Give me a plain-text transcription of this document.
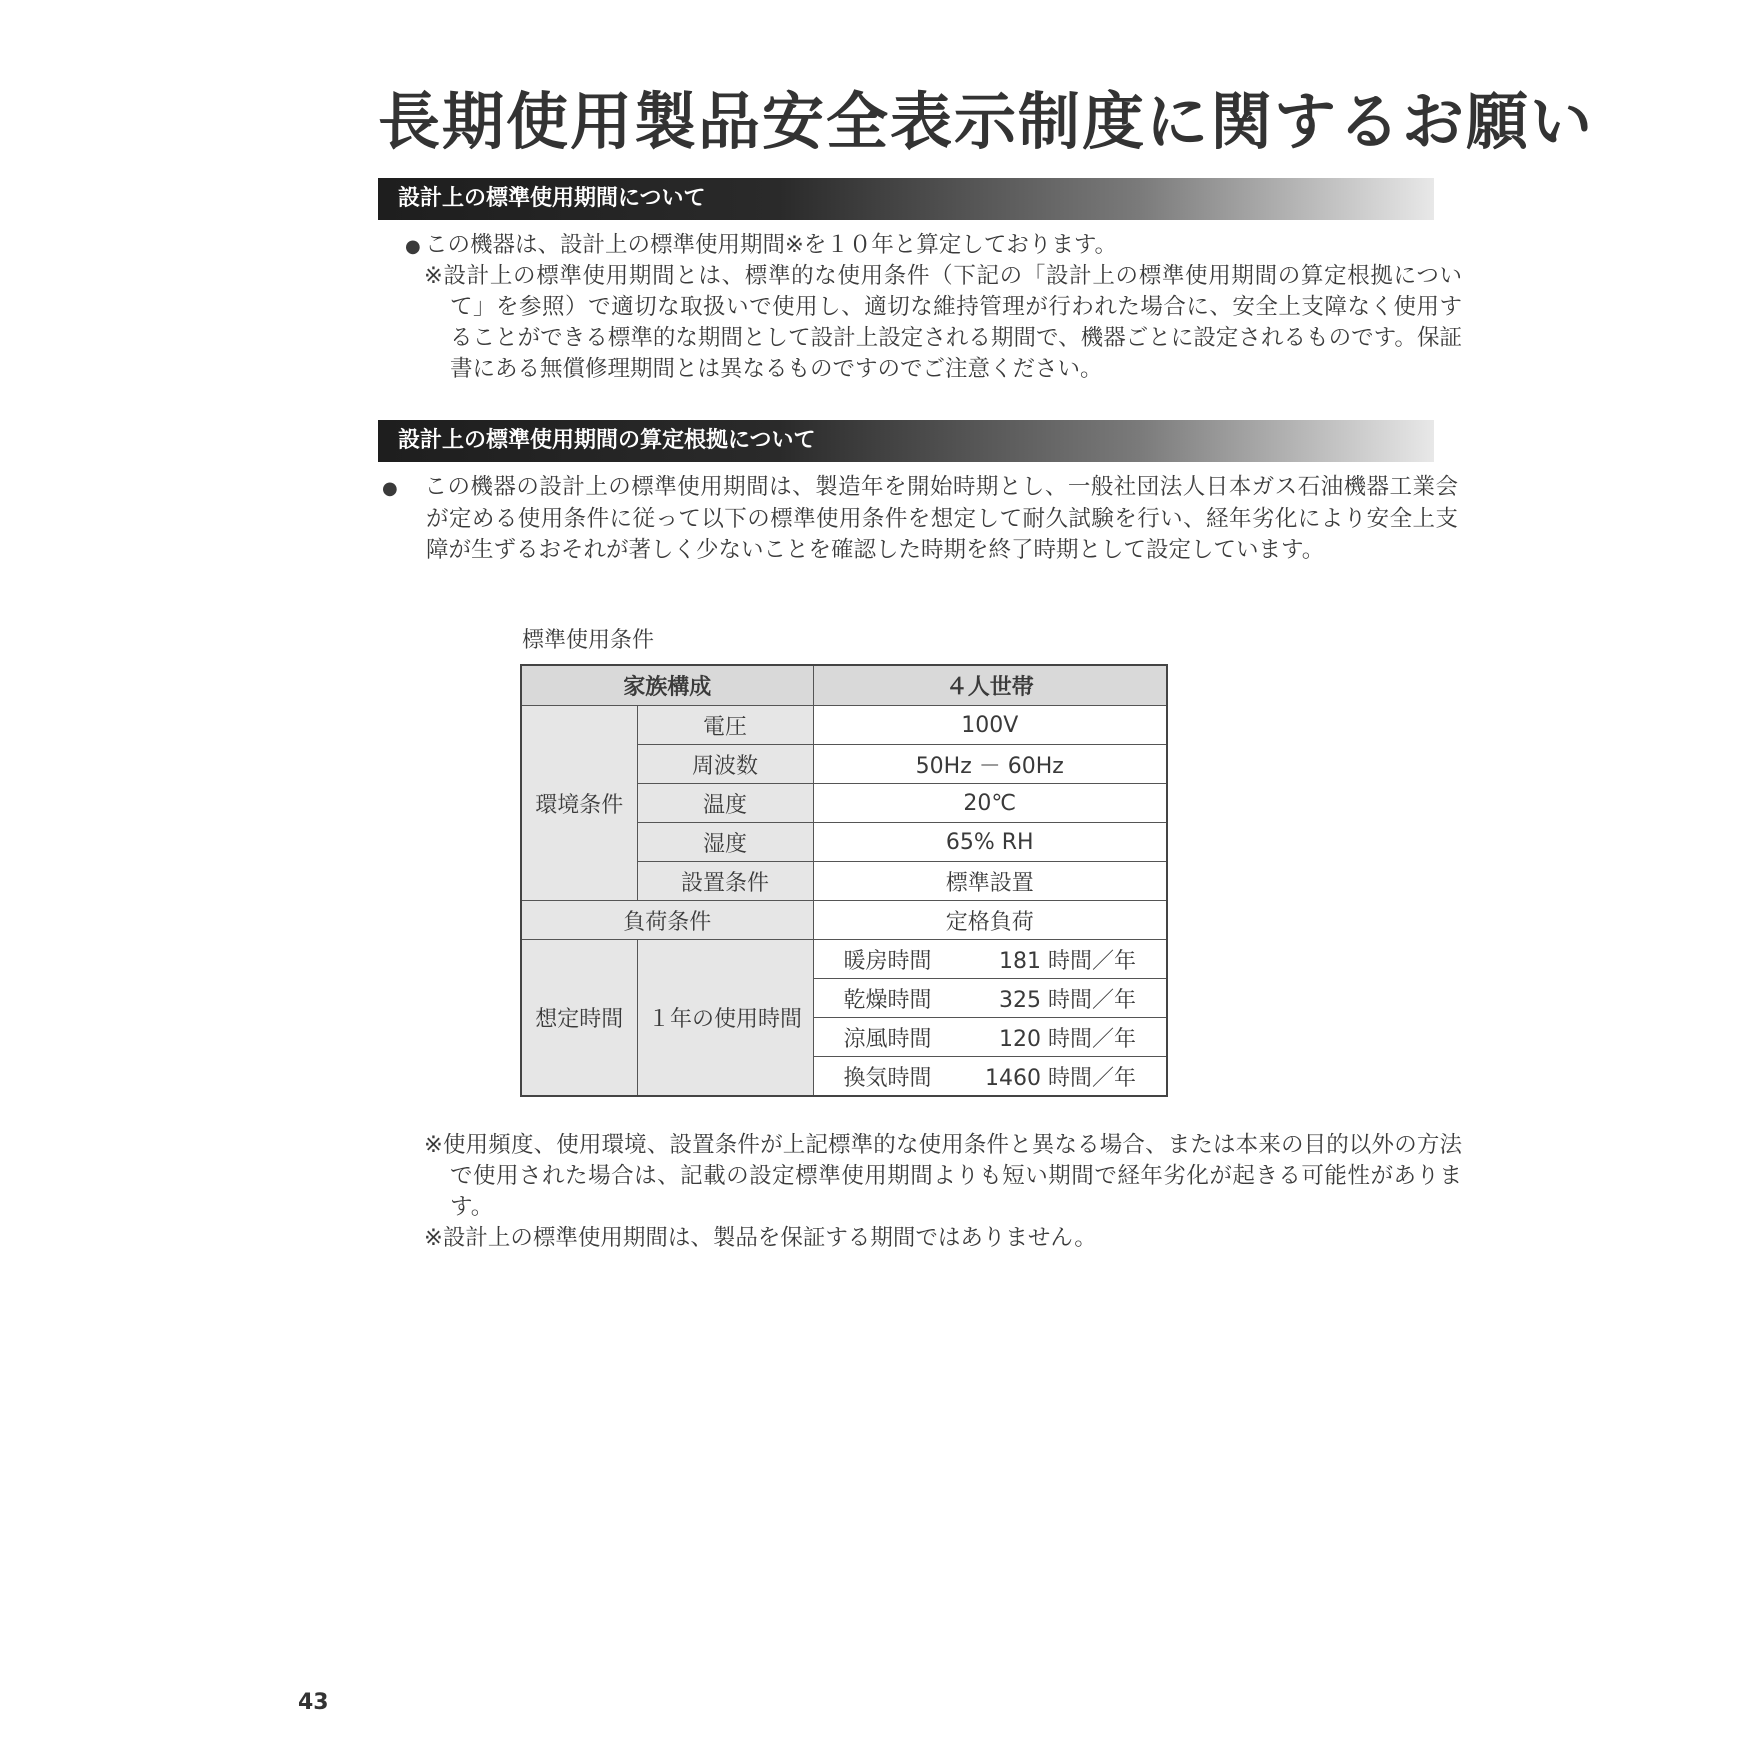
長期使用製品安全表示制度に関するお願い
設計上の標準使用期間について
● この機器は、設計上の標準使用期間※を１０年と算定しております。
※設計上の標準使用期間とは、標準的な使用条件（下記の「設計上の標準使用期間の算定根拠について」を参照）で適切な取扱いで使用し、適切な維持管理が行われた場合に、安全上支障なく使用することができる標準的な期間として設計上設定される期間で、機器ごとに設定されるものです。保証書にある無償修理期間とは異なるものですのでご注意ください。
設計上の標準使用期間の算定根拠について
● この機器の設計上の標準使用期間は、製造年を開始時期とし、一般社団法人日本ガス石油機器工業会が定める使用条件に従って以下の標準使用条件を想定して耐久試験を行い、経年劣化により安全上支障が生ずるおそれが著しく少ないことを確認した時期を終了時期として設定しています。
標準使用条件
家族構成		４人世帯
環境条件	電圧	100V
	周波数	50Hz － 60Hz
	温度	20℃
	湿度	65% RH
	設置条件	標準設置
負荷条件		定格負荷
想定時間	１年の使用時間	暖房時間 181 時間／年

		乾燥時間 325 時間／年

		涼風時間 120 時間／年

		換気時間 1460 時間／年
※使用頻度、使用環境、設置条件が上記標準的な使用条件と異なる場合、または本来の目的以外の方法で使用された場合は、記載の設定標準使用期間よりも短い期間で経年劣化が起きる可能性があります。
※設計上の標準使用期間は、製品を保証する期間ではありません。
43
